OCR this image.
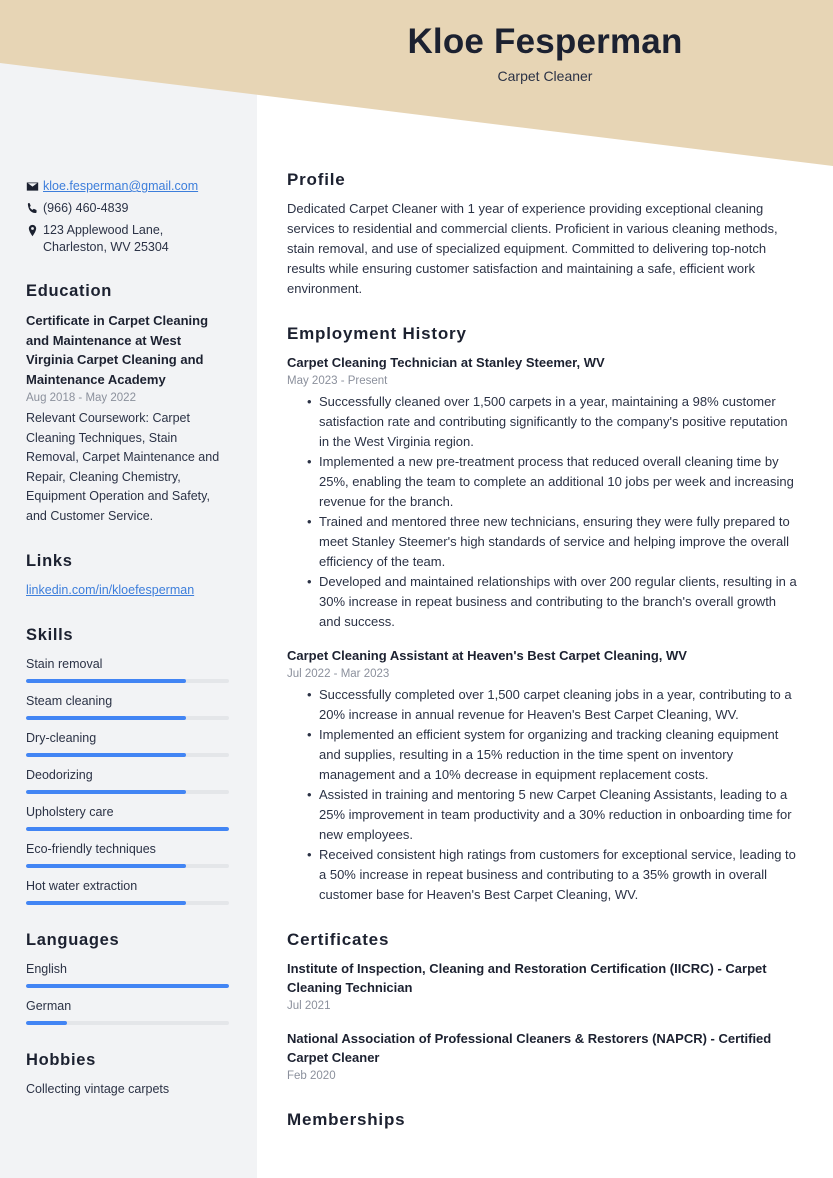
Kloe Fesperman

Carpet Cleaner

kloe.fesperman@gmail.com
(966) 460-4839
123 Applewood Lane,
Charleston, WV 25304
Education

Certificate in Carpet Cleaning and Maintenance at West Virginia Carpet Cleaning and Maintenance Academy

Aug 2018 - May 2022

Relevant Coursework: Carpet Cleaning Techniques, Stain Removal, Carpet Maintenance and Repair, Cleaning Chemistry, Equipment Operation and Safety, and Customer Service.

Links
linkedin.com/in/kloefesperman
Skills
Stain removal
Steam cleaning
Dry-cleaning
Deodorizing
Upholstery care
Eco-friendly techniques
Hot water extraction
Languages
English
German
Hobbies
Collecting vintage carpets
Profile

Dedicated Carpet Cleaner with 1 year of experience providing exceptional cleaning services to residential and commercial clients. Proficient in various cleaning methods, stain removal, and use of specialized equipment. Committed to delivering top-notch results while ensuring customer satisfaction and maintaining a safe, efficient work environment.

Employment History

Carpet Cleaning Technician at Stanley Steemer, WV

May 2023 - Present

• Successfully cleaned over 1,500 carpets in a year, maintaining a 98% customer satisfaction rate and contributing significantly to the company's positive reputation in the West Virginia region.
• Implemented a new pre-treatment process that reduced overall cleaning time by 25%, enabling the team to complete an additional 10 jobs per week and increasing revenue for the branch.
• Trained and mentored three new technicians, ensuring they were fully prepared to meet Stanley Steemer's high standards of service and helping improve the overall efficiency of the team.
• Developed and maintained relationships with over 200 regular clients, resulting in a 30% increase in repeat business and contributing to the branch's overall growth and success.

Carpet Cleaning Assistant at Heaven's Best Carpet Cleaning, WV

Jul 2022 - Mar 2023

• Successfully completed over 1,500 carpet cleaning jobs in a year, contributing to a 20% increase in annual revenue for Heaven's Best Carpet Cleaning, WV.
• Implemented an efficient system for organizing and tracking cleaning equipment and supplies, resulting in a 15% reduction in the time spent on inventory management and a 10% decrease in equipment replacement costs.
• Assisted in training and mentoring 5 new Carpet Cleaning Assistants, leading to a 25% improvement in team productivity and a 30% reduction in onboarding time for new employees.
• Received consistent high ratings from customers for exceptional service, leading to a 50% increase in repeat business and contributing to a 35% growth in overall customer base for Heaven's Best Carpet Cleaning, WV.
Certificates

Institute of Inspection, Cleaning and Restoration Certification (IICRC) - Carpet Cleaning Technician

Jul 2021

National Association of Professional Cleaners & Restorers (NAPCR) - Certified Carpet Cleaner

Feb 2020

Memberships
